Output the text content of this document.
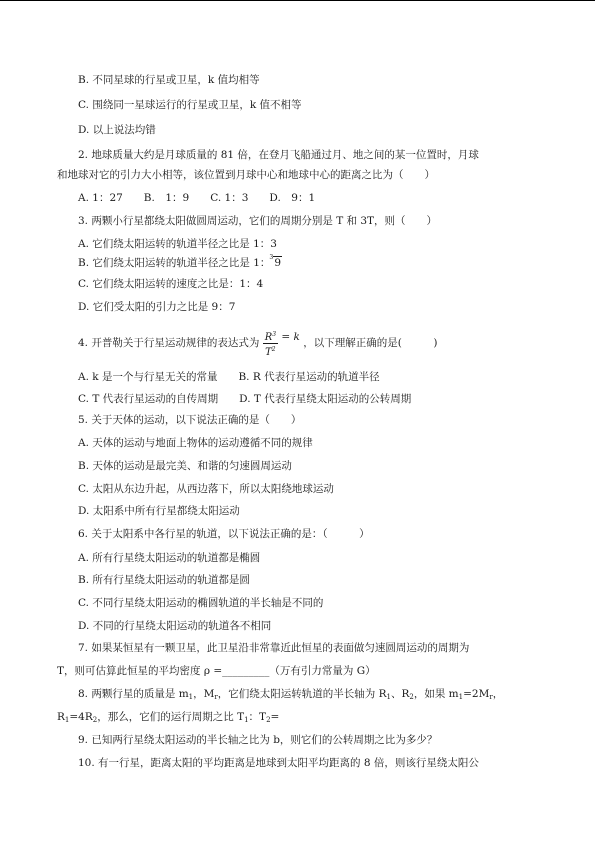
B. 不同星球的行星或卫星，k 值均相等
C. 围绕同一星球运行的行星或卫星，k 值不相等
D. 以上说法均错
2. 地球质量大约是月球质量的 81 倍，在登月飞船通过月、地之间的某一位置时，月球
和地球对它的引力大小相等，该位置到月球中心和地球中心的距离之比为（　　）
A. 1：27　　B.　1：9　　C. 1：3　　D.　9：1
3. 两颗小行星都绕太阳做圆周运动，它们的周期分别是 T 和 3T，则（　　）
A. 它们绕太阳运转的轨道半径之比是 1：3
B. 它们绕太阳运转的轨道半径之比是 1： 3 9
C. 它们绕太阳运转的速度之比是：1：4
D. 它们受太阳的引力之比是 9：7
4. 开普勒关于行星运动规律的表达式为 $\frac{R^3}{T^2} = k$ ，以下理解正确的是(　　　)
A. k 是一个与行星无关的常量　　B. R 代表行星运动的轨道半径
C. T 代表行星运动的自传周期　　D. T 代表行星绕太阳运动的公转周期
5. 关于天体的运动，以下说法正确的是（　　）
A. 天体的运动与地面上物体的运动遵循不同的规律
B. 天体的运动是最完美、和谐的匀速圆周运动
C. 太阳从东边升起，从西边落下，所以太阳绕地球运动
D. 太阳系中所有行星都绕太阳运动
6. 关于太阳系中各行星的轨道，以下说法正确的是：（　　　）
A. 所有行星绕太阳运动的轨道都是椭圆
B. 所有行星绕太阳运动的轨道都是圆
C. 不同行星绕太阳运动的椭圆轨道的半长轴是不同的
D. 不同的行星绕太阳运动的轨道各不相同
7. 如果某恒星有一颗卫星，此卫星沿非常靠近此恒星的表面做匀速圆周运动的周期为
T，则可估算此恒星的平均密度 ρ =_________（万有引力常量为 G）
8. 两颗行星的质量是 $m_1$，$M_r$，它们绕太阳运转轨道的半长轴为 $R_1$、$R_2$，如果 $m_1=2M_r$，
$R_1=4R_2$，那么，它们的运行周期之比 $T_1$：$T_2=$
9. 已知两行星绕太阳运动的半长轴之比为 b，则它们的公转周期之比为多少？
10. 有一行星，距离太阳的平均距离是地球到太阳平均距离的 8 倍，则该行星绕太阳公
